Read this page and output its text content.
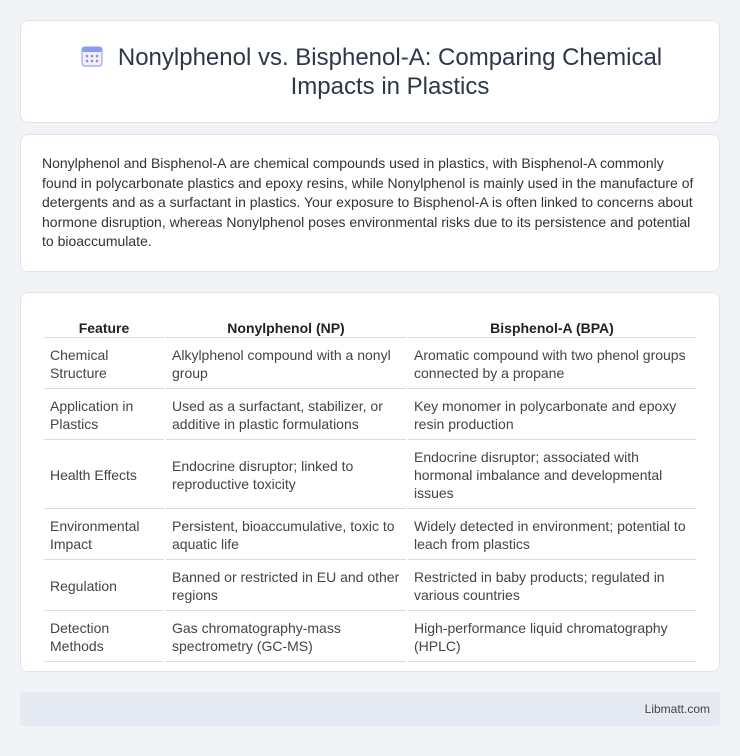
Nonylphenol vs. Bisphenol-A: Comparing Chemical Impacts in Plastics

Nonylphenol and Bisphenol-A are chemical compounds used in plastics, with Bisphenol-A commonly found in polycarbonate plastics and epoxy resins, while Nonylphenol is mainly used in the manufacture of detergents and as a surfactant in plastics. Your exposure to Bisphenol-A is often linked to concerns about hormone disruption, whereas Nonylphenol poses environmental risks due to its persistence and potential to bioaccumulate.

Feature	Nonylphenol (NP)	Bisphenol-A (BPA)
Chemical Structure	Alkylphenol compound with a nonyl group	Aromatic compound with two phenol groups connected by a propane
Application in Plastics	Used as a surfactant, stabilizer, or additive in plastic formulations	Key monomer in polycarbonate and epoxy resin production
Health Effects	Endocrine disruptor; linked to reproductive toxicity	Endocrine disruptor; associated with hormonal imbalance and developmental issues
Environmental Impact	Persistent, bioaccumulative, toxic to aquatic life	Widely detected in environment; potential to leach from plastics
Regulation	Banned or restricted in EU and other regions	Restricted in baby products; regulated in various countries
Detection Methods	Gas chromatography-mass spectrometry (GC-MS)	High-performance liquid chromatography (HPLC)
Libmatt.com
